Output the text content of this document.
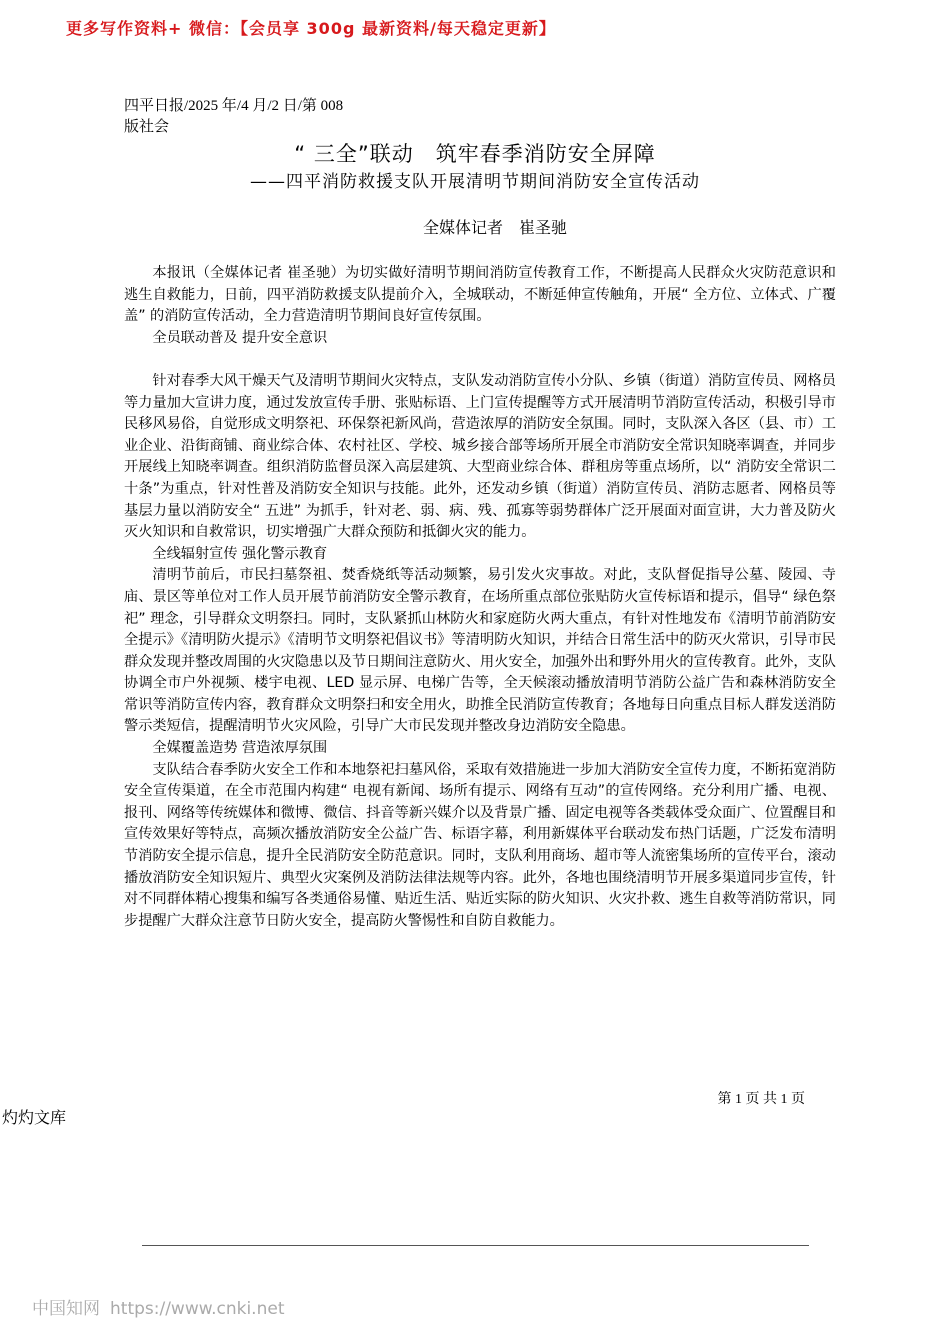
更多写作资料+ 微信：【会员享 300g 最新资料/每天稳定更新】
四平日报/2025 年/4 月/2 日/第 008
版社会
“ 三全”联动　筑牢春季消防安全屏障
——四平消防救援支队开展清明节期间消防安全宣传活动
全媒体记者　崔圣驰

本报讯（全媒体记者 崔圣驰）为切实做好清明节期间消防宣传教育工作，不断提高人民群众火灾防范意识和逃生自救能力，日前，四平消防救援支队提前介入，全城联动，不断延伸宣传触角，开展“ 全方位、立体式、广覆盖” 的消防宣传活动，全力营造清明节期间良好宣传氛围。

全员联动普及 提升安全意识

针对春季大风干燥天气及清明节期间火灾特点，支队发动消防宣传小分队、乡镇（街道）消防宣传员、网格员等力量加大宣讲力度，通过发放宣传手册、张贴标语、上门宣传提醒等方式开展清明节消防宣传活动，积极引导市民移风易俗，自觉形成文明祭祀、环保祭祀新风尚，营造浓厚的消防安全氛围。同时，支队深入各区（县、市）工业企业、沿街商铺、商业综合体、农村社区、学校、城乡接合部等场所开展全市消防安全常识知晓率调查，并同步开展线上知晓率调查。组织消防监督员深入高层建筑、大型商业综合体、群租房等重点场所，以“ 消防安全常识二十条”为重点，针对性普及消防安全知识与技能。此外，还发动乡镇（街道）消防宣传员、消防志愿者、网格员等基层力量以消防安全“ 五进” 为抓手，针对老、弱、病、残、孤寡等弱势群体广泛开展面对面宣讲，大力普及防火灭火知识和自救常识，切实增强广大群众预防和抵御火灾的能力。

全线辐射宣传 强化警示教育

清明节前后，市民扫墓祭祖、焚香烧纸等活动频繁，易引发火灾事故。对此，支队督促指导公墓、陵园、寺庙、景区等单位对工作人员开展节前消防安全警示教育，在场所重点部位张贴防火宣传标语和提示，倡导“ 绿色祭祀” 理念，引导群众文明祭扫。同时，支队紧抓山林防火和家庭防火两大重点，有针对性地发布《清明节前消防安全提示》《清明防火提示》《清明节文明祭祀倡议书》等清明防火知识，并结合日常生活中的防灭火常识，引导市民群众发现并整改周围的火灾隐患以及节日期间注意防火、用火安全，加强外出和野外用火的宣传教育。此外，支队协调全市户外视频、楼宇电视、LED 显示屏、电梯广告等，全天候滚动播放清明节消防公益广告和森林消防安全常识等消防宣传内容，教育群众文明祭扫和安全用火，助推全民消防宣传教育；各地每日向重点目标人群发送消防警示类短信，提醒清明节火灾风险，引导广大市民发现并整改身边消防安全隐患。

全媒覆盖造势 营造浓厚氛围

支队结合春季防火安全工作和本地祭祀扫墓风俗，采取有效措施进一步加大消防安全宣传力度，不断拓宽消防安全宣传渠道，在全市范围内构建“ 电视有新闻、场所有提示、网络有互动”的宣传网络。充分利用广播、电视、报刊、网络等传统媒体和微博、微信、抖音等新兴媒介以及背景广播、固定电视等各类载体受众面广、位置醒目和宣传效果好等特点，高频次播放消防安全公益广告、标语字幕，利用新媒体平台联动发布热门话题，广泛发布清明节消防安全提示信息，提升全民消防安全防范意识。同时，支队利用商场、超市等人流密集场所的宣传平台，滚动播放消防安全知识短片、典型火灾案例及消防法律法规等内容。此外，各地也围绕清明节开展多渠道同步宣传，针对不同群体精心搜集和编写各类通俗易懂、贴近生活、贴近实际的防火知识、火灾扑救、逃生自救等消防常识，同步提醒广大群众注意节日防火安全，提高防火警惕性和自防自救能力。

第 1 页 共 1 页
灼灼文库
中国知网 https://www.cnki.net
